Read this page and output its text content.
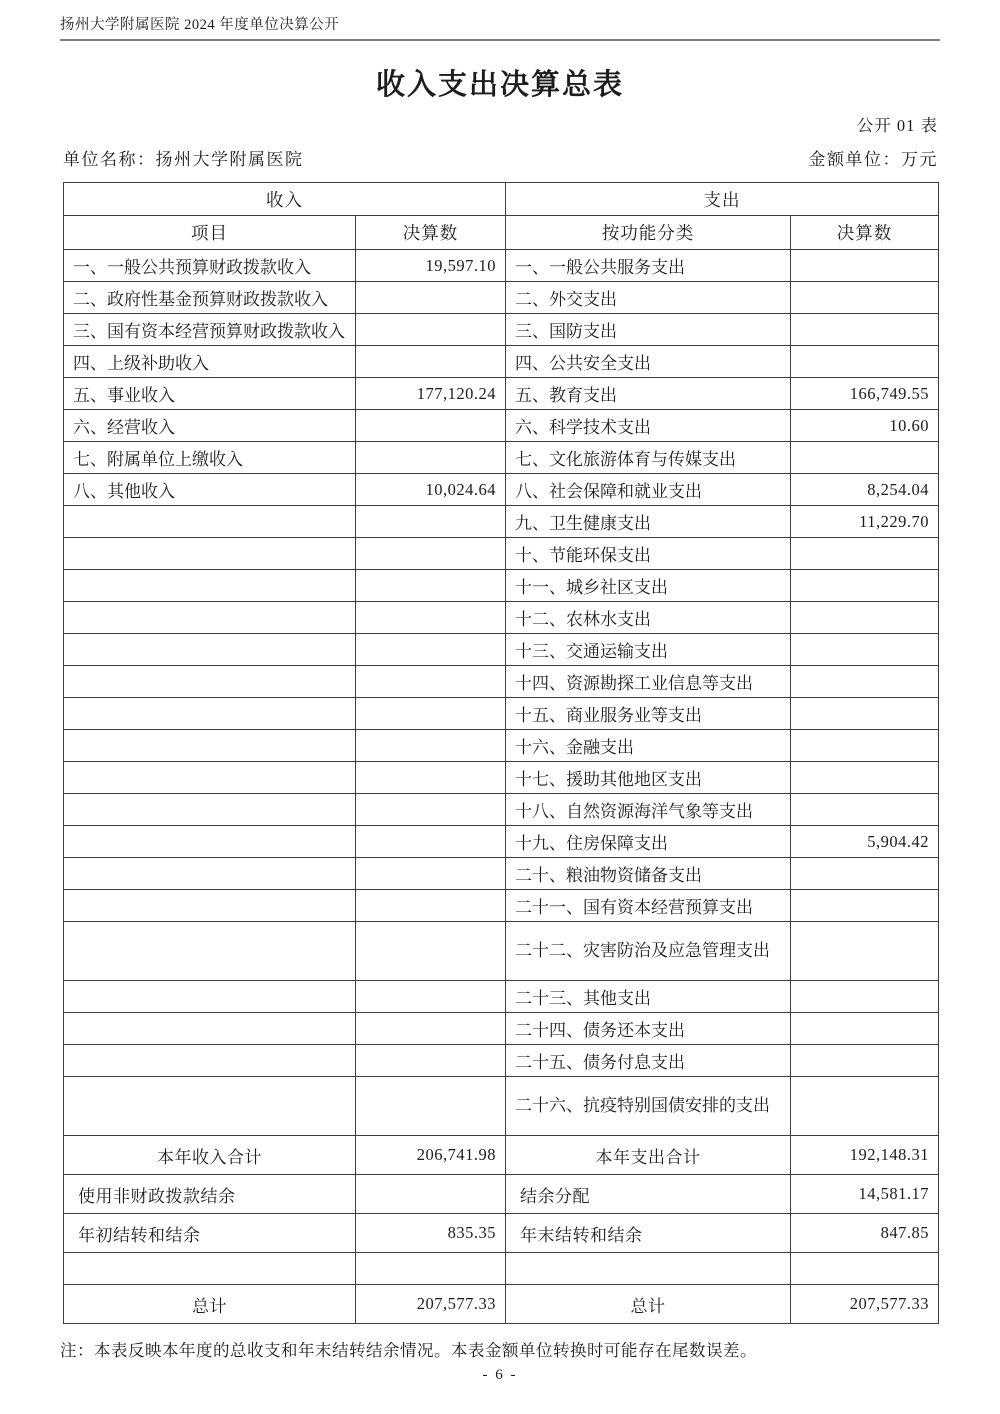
扬州大学附属医院 2024 年度单位决算公开
收入支出决算总表
公开 01 表
单位名称：扬州大学附属医院	金额单位：万元
收入		支出	
项目	决算数	按功能分类	决算数
一、一般公共预算财政拨款收入	19,597.10	一、一般公共服务支出	
二、政府性基金预算财政拨款收入		二、外交支出	
三、国有资本经营预算财政拨款收入		三、国防支出	
四、上级补助收入		四、公共安全支出	
五、事业收入	177,120.24	五、教育支出	166,749.55
六、经营收入		六、科学技术支出	10.60
七、附属单位上缴收入		七、文化旅游体育与传媒支出	
八、其他收入	10,024.64	八、社会保障和就业支出	8,254.04
		九、卫生健康支出	11,229.70
		十、节能环保支出	
		十一、城乡社区支出	
		十二、农林水支出	
		十三、交通运输支出	
		十四、资源勘探工业信息等支出	
		十五、商业服务业等支出	
		十六、金融支出	
		十七、援助其他地区支出	
		十八、自然资源海洋气象等支出	
		十九、住房保障支出	5,904.42
		二十、粮油物资储备支出	
		二十一、国有资本经营预算支出	
		二十二、灾害防治及应急管理支出	
		二十三、其他支出	
		二十四、债务还本支出	
		二十五、债务付息支出	
		二十六、抗疫特别国债安排的支出	
本年收入合计	206,741.98	本年支出合计	192,148.31
使用非财政拨款结余		结余分配	14,581.17
年初结转和结余	835.35	年末结转和结余	847.85

总计	207,577.33	总计	207,577.33
注：本表反映本年度的总收支和年末结转结余情况。本表金额单位转换时可能存在尾数误差。
- 6 -
